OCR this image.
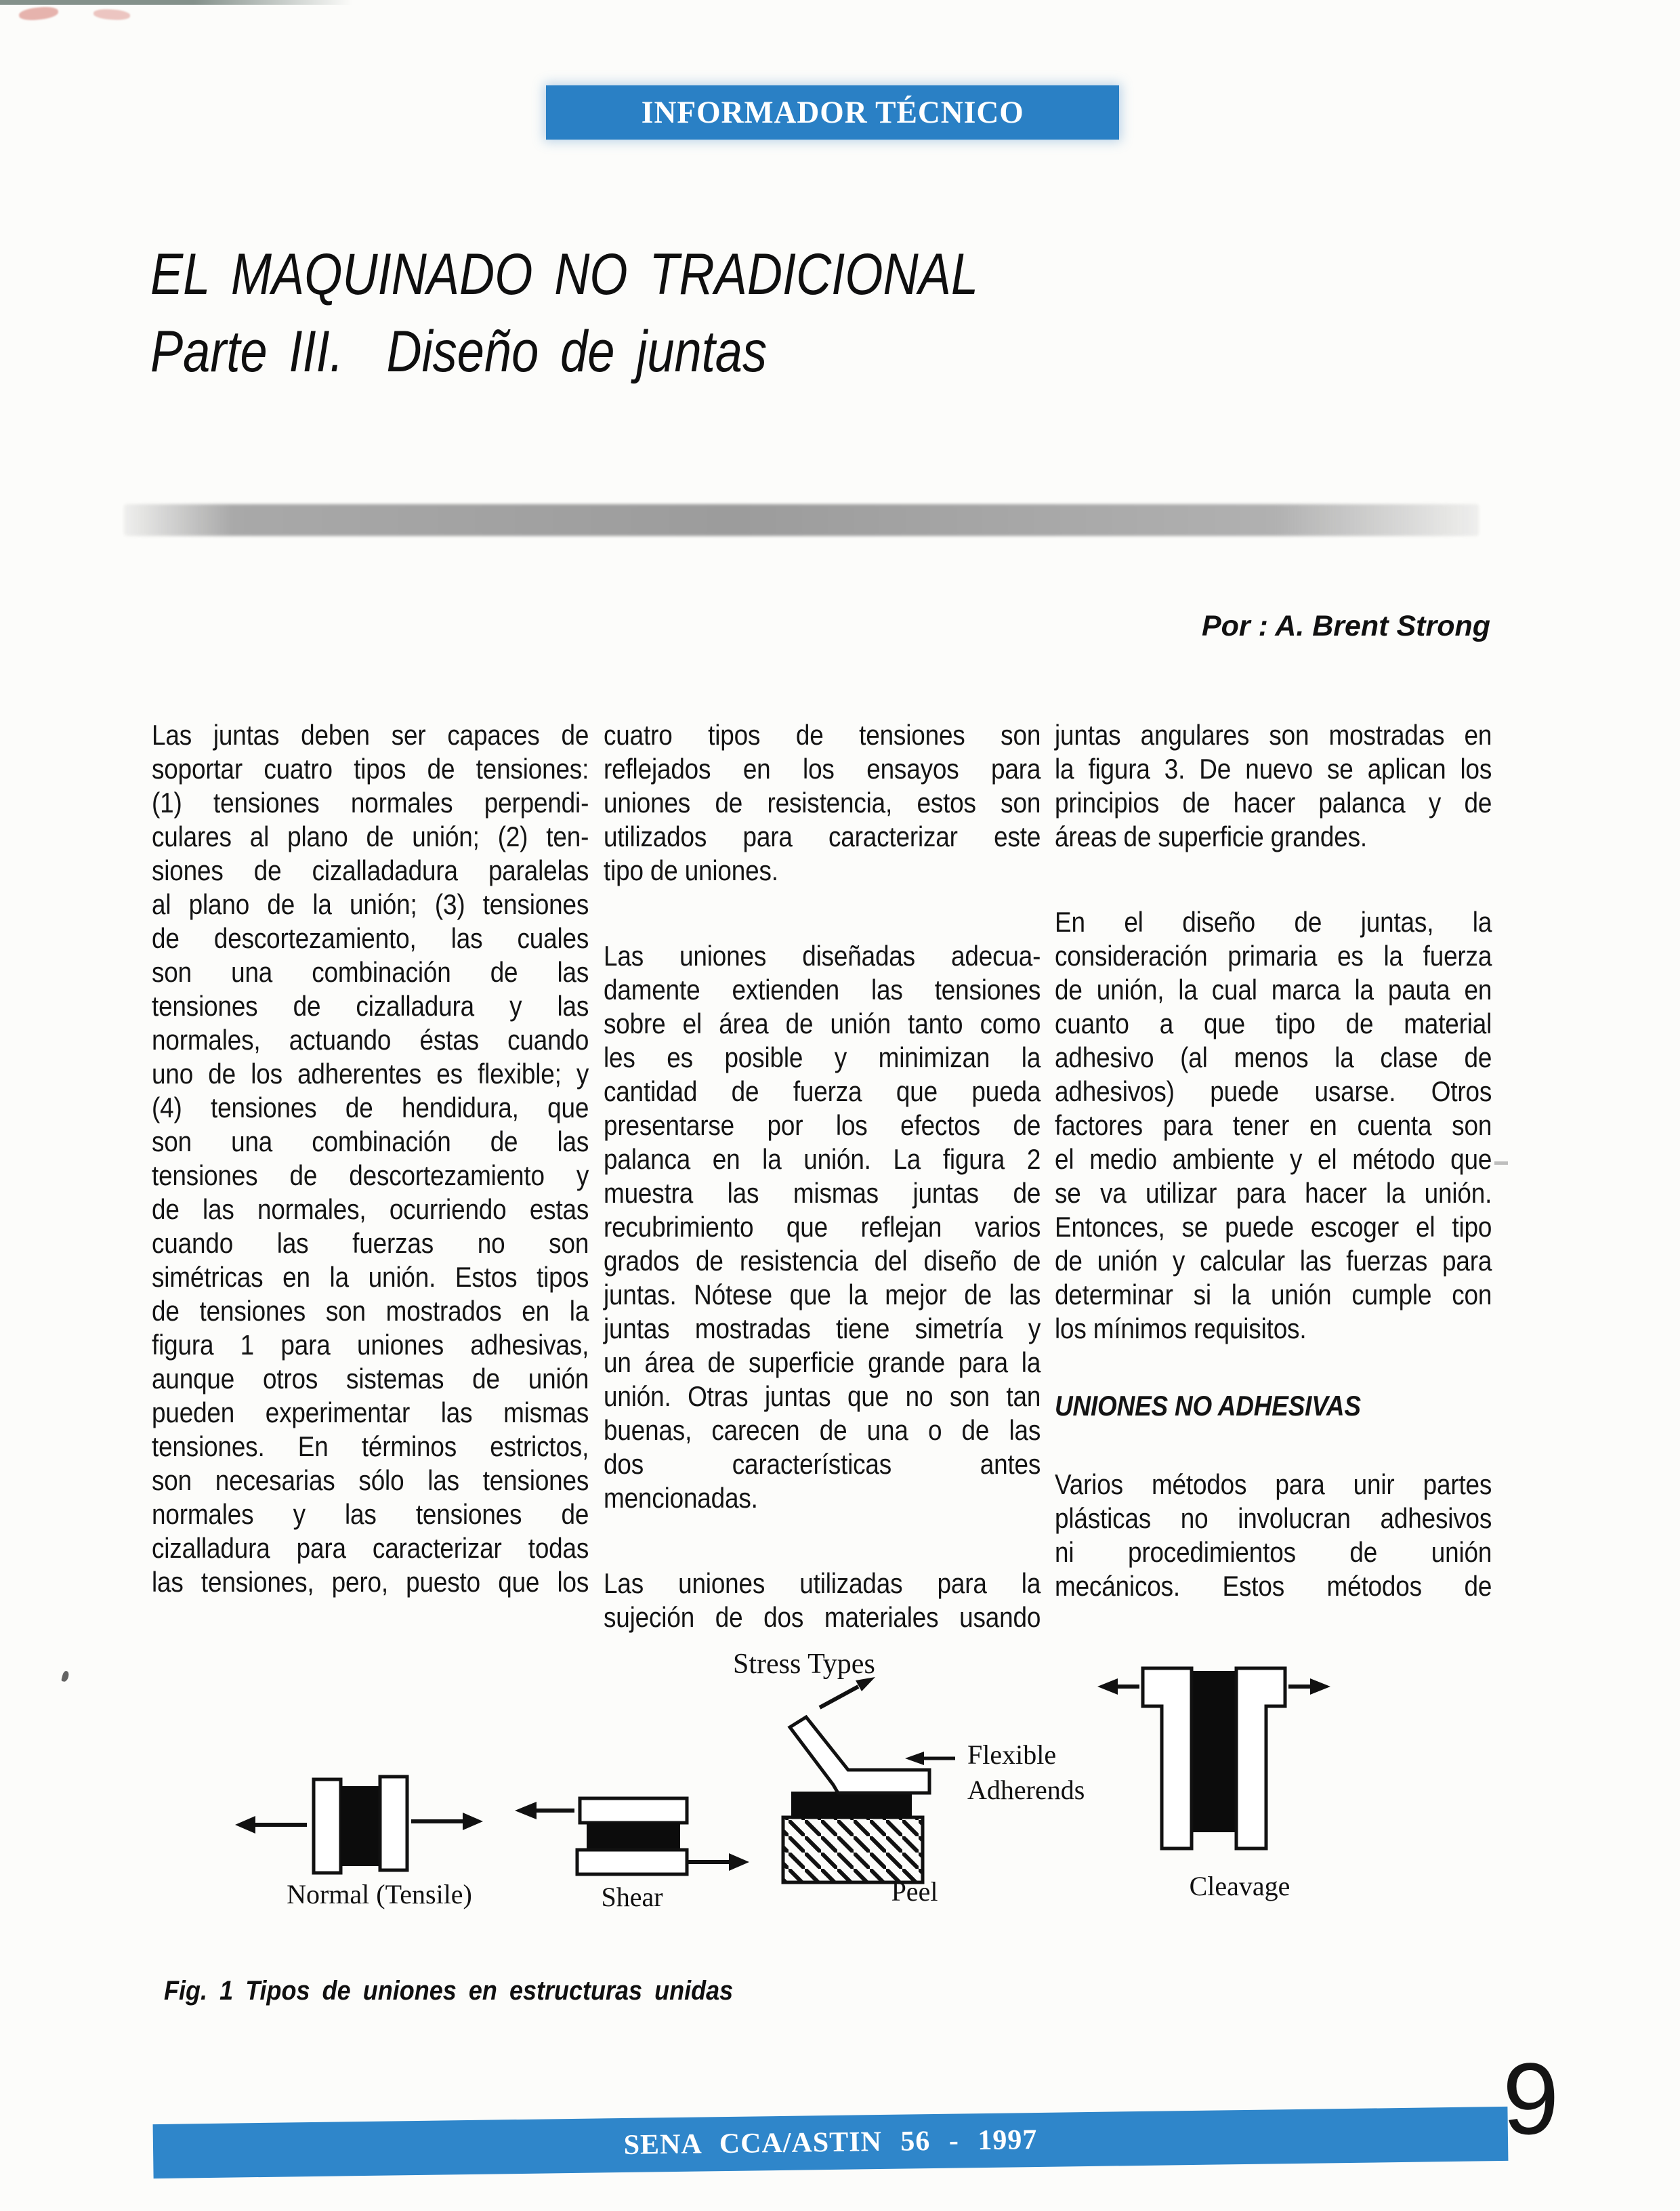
INFORMADOR TÉCNICO
EL MAQUINADO NO TRADICIONAL
Parte III.  Diseño de juntas
Por : A. Brent Strong
Las juntas deben ser capaces de
soportar cuatro tipos de tensiones:
(1) tensiones normales perpendi-
culares al plano de unión; (2) ten-
siones de cizalladadura paralelas
al plano de la unión; (3) tensiones
de descortezamiento, las cuales
son una combinación de las
tensiones de cizalladura y las
normales, actuando éstas cuando
uno de los adherentes es flexible; y
(4) tensiones de hendidura, que
son una combinación de las
tensiones de descortezamiento y
de las normales, ocurriendo estas
cuando las fuerzas no son
simétricas en la unión. Estos tipos
de tensiones son mostrados en la
figura 1 para uniones adhesivas,
aunque otros sistemas de unión
pueden experimentar las mismas
tensiones. En términos estrictos,
son necesarias sólo las tensiones
normales y las tensiones de
cizalladura para caracterizar todas
las tensiones, pero, puesto que los
cuatro tipos de tensiones son
reflejados en los ensayos para
uniones de resistencia, estos son
utilizados para caracterizar este
tipo de uniones.
Las uniones diseñadas adecua-
damente extienden las tensiones
sobre el área de unión tanto como
les es posible y minimizan la
cantidad de fuerza que pueda
presentarse por los efectos de
palanca en la unión. La figura 2
muestra las mismas juntas de
recubrimiento que reflejan varios
grados de resistencia del diseño de
juntas. Nótese que la mejor de las
juntas mostradas tiene simetría y
un área de superficie grande para la
unión. Otras juntas que no son tan
buenas, carecen de una o de las
dos características antes
mencionadas.
Las uniones utilizadas para la
sujeción de dos materiales usando
juntas angulares son mostradas en
la figura 3. De nuevo se aplican los
principios de hacer palanca y de
áreas de superficie grandes.
En el diseño de juntas, la
consideración primaria es la fuerza
de unión, la cual marca la pauta en
cuanto a que tipo de material
adhesivo (al menos la clase de
adhesivos) puede usarse. Otros
factores para tener en cuenta son
el medio ambiente y el método que
se va utilizar para hacer la unión.
Entonces, se puede escoger el tipo
de unión y calcular las fuerzas para
determinar si la unión cumple con
los mínimos requisitos.
UNIONES NO ADHESIVAS
Varios métodos para unir partes
plásticas no involucran adhesivos
ni procedimientos de unión
mecánicos. Estos métodos de
Stress Types
Flexible
Adherends
Normal (Tensile)	Shear	Peel	Cleavage
Fig. 1 Tipos de uniones en estructuras unidas
SENA CCA/ASTIN 56 - 1997	9
